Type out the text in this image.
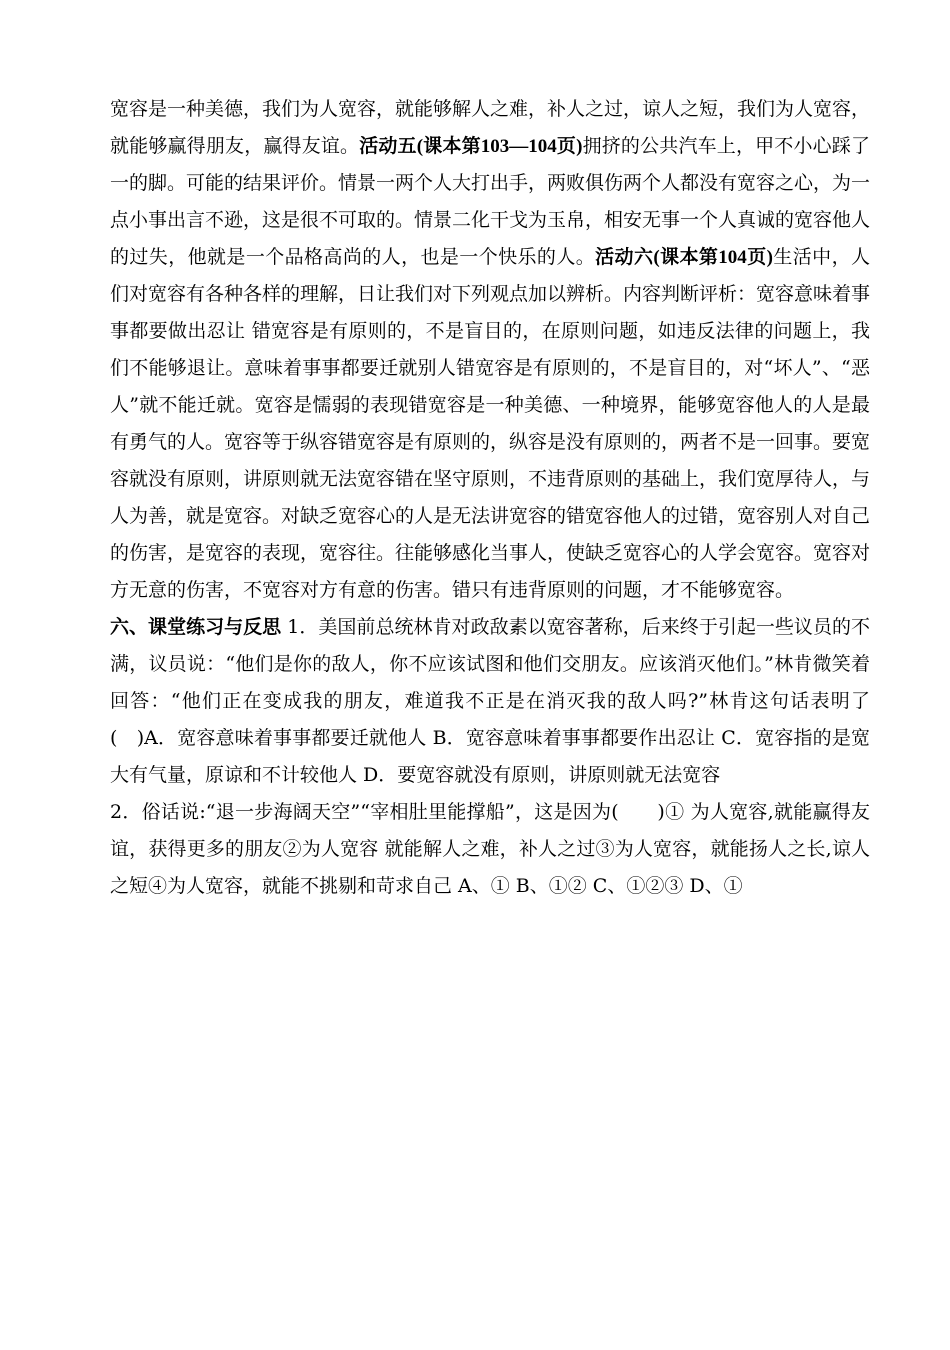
宽容是一种美德，我们为人宽容，就能够解人之难，补人之过，谅人之短，我们为人宽容，就能够赢得朋友，赢得友谊。活动五(课本第103—104页)拥挤的公共汽车上，甲不小心踩了一的脚。可能的结果评价。情景一两个人大打出手，两败俱伤两个人都没有宽容之心，为一点小事出言不逊，这是很不可取的。情景二化干戈为玉帛，相安无事一个人真诚的宽容他人的过失，他就是一个品格高尚的人，也是一个快乐的人。活动六(课本第104页)生活中，人们对宽容有各种各样的理解，日让我们对下列观点加以辨析。内容判断评析：宽容意味着事事都要做出忍让 错宽容是有原则的，不是盲目的，在原则问题，如违反法律的问题上，我们不能够退让。意味着事事都要迁就别人错宽容是有原则的，不是盲目的，对“坏人”、“恶人”就不能迁就。宽容是懦弱的表现错宽容是一种美德、一种境界，能够宽容他人的人是最有勇气的人。宽容等于纵容错宽容是有原则的，纵容是没有原则的，两者不是一回事。要宽容就没有原则，讲原则就无法宽容错在坚守原则，不违背原则的基础上，我们宽厚待人，与人为善，就是宽容。对缺乏宽容心的人是无法讲宽容的错宽容他人的过错，宽容别人对自己的伤害，是宽容的表现，宽容往。往能够感化当事人，使缺乏宽容心的人学会宽容。宽容对方无意的伤害，不宽容对方有意的伤害。错只有违背原则的问题，才不能够宽容。

六、课堂练习与反思 1．美国前总统林肯对政敌素以宽容著称，后来终于引起一些议员的不满，议员说：“他们是你的敌人，你不应该试图和他们交朋友。应该消灭他们。”林肯微笑着回答：“他们正在变成我的朋友，难道我不正是在消灭我的敌人吗?”林肯这句话表明了(　)A．宽容意味着事事都要迁就他人 B．宽容意味着事事都要作出忍让 C．宽容指的是宽大有气量，原谅和不计较他人 D．要宽容就没有原则，讲原则就无法宽容

2．俗话说:“退一步海阔天空”“宰相肚里能撑船”，这是因为(　　)① 为人宽容,就能赢得友谊，获得更多的朋友②为人宽容 就能解人之难，补人之过③为人宽容，就能扬人之长,谅人之短④为人宽容，就能不挑剔和苛求自己 A、① B、①② C、①②③ D、①
